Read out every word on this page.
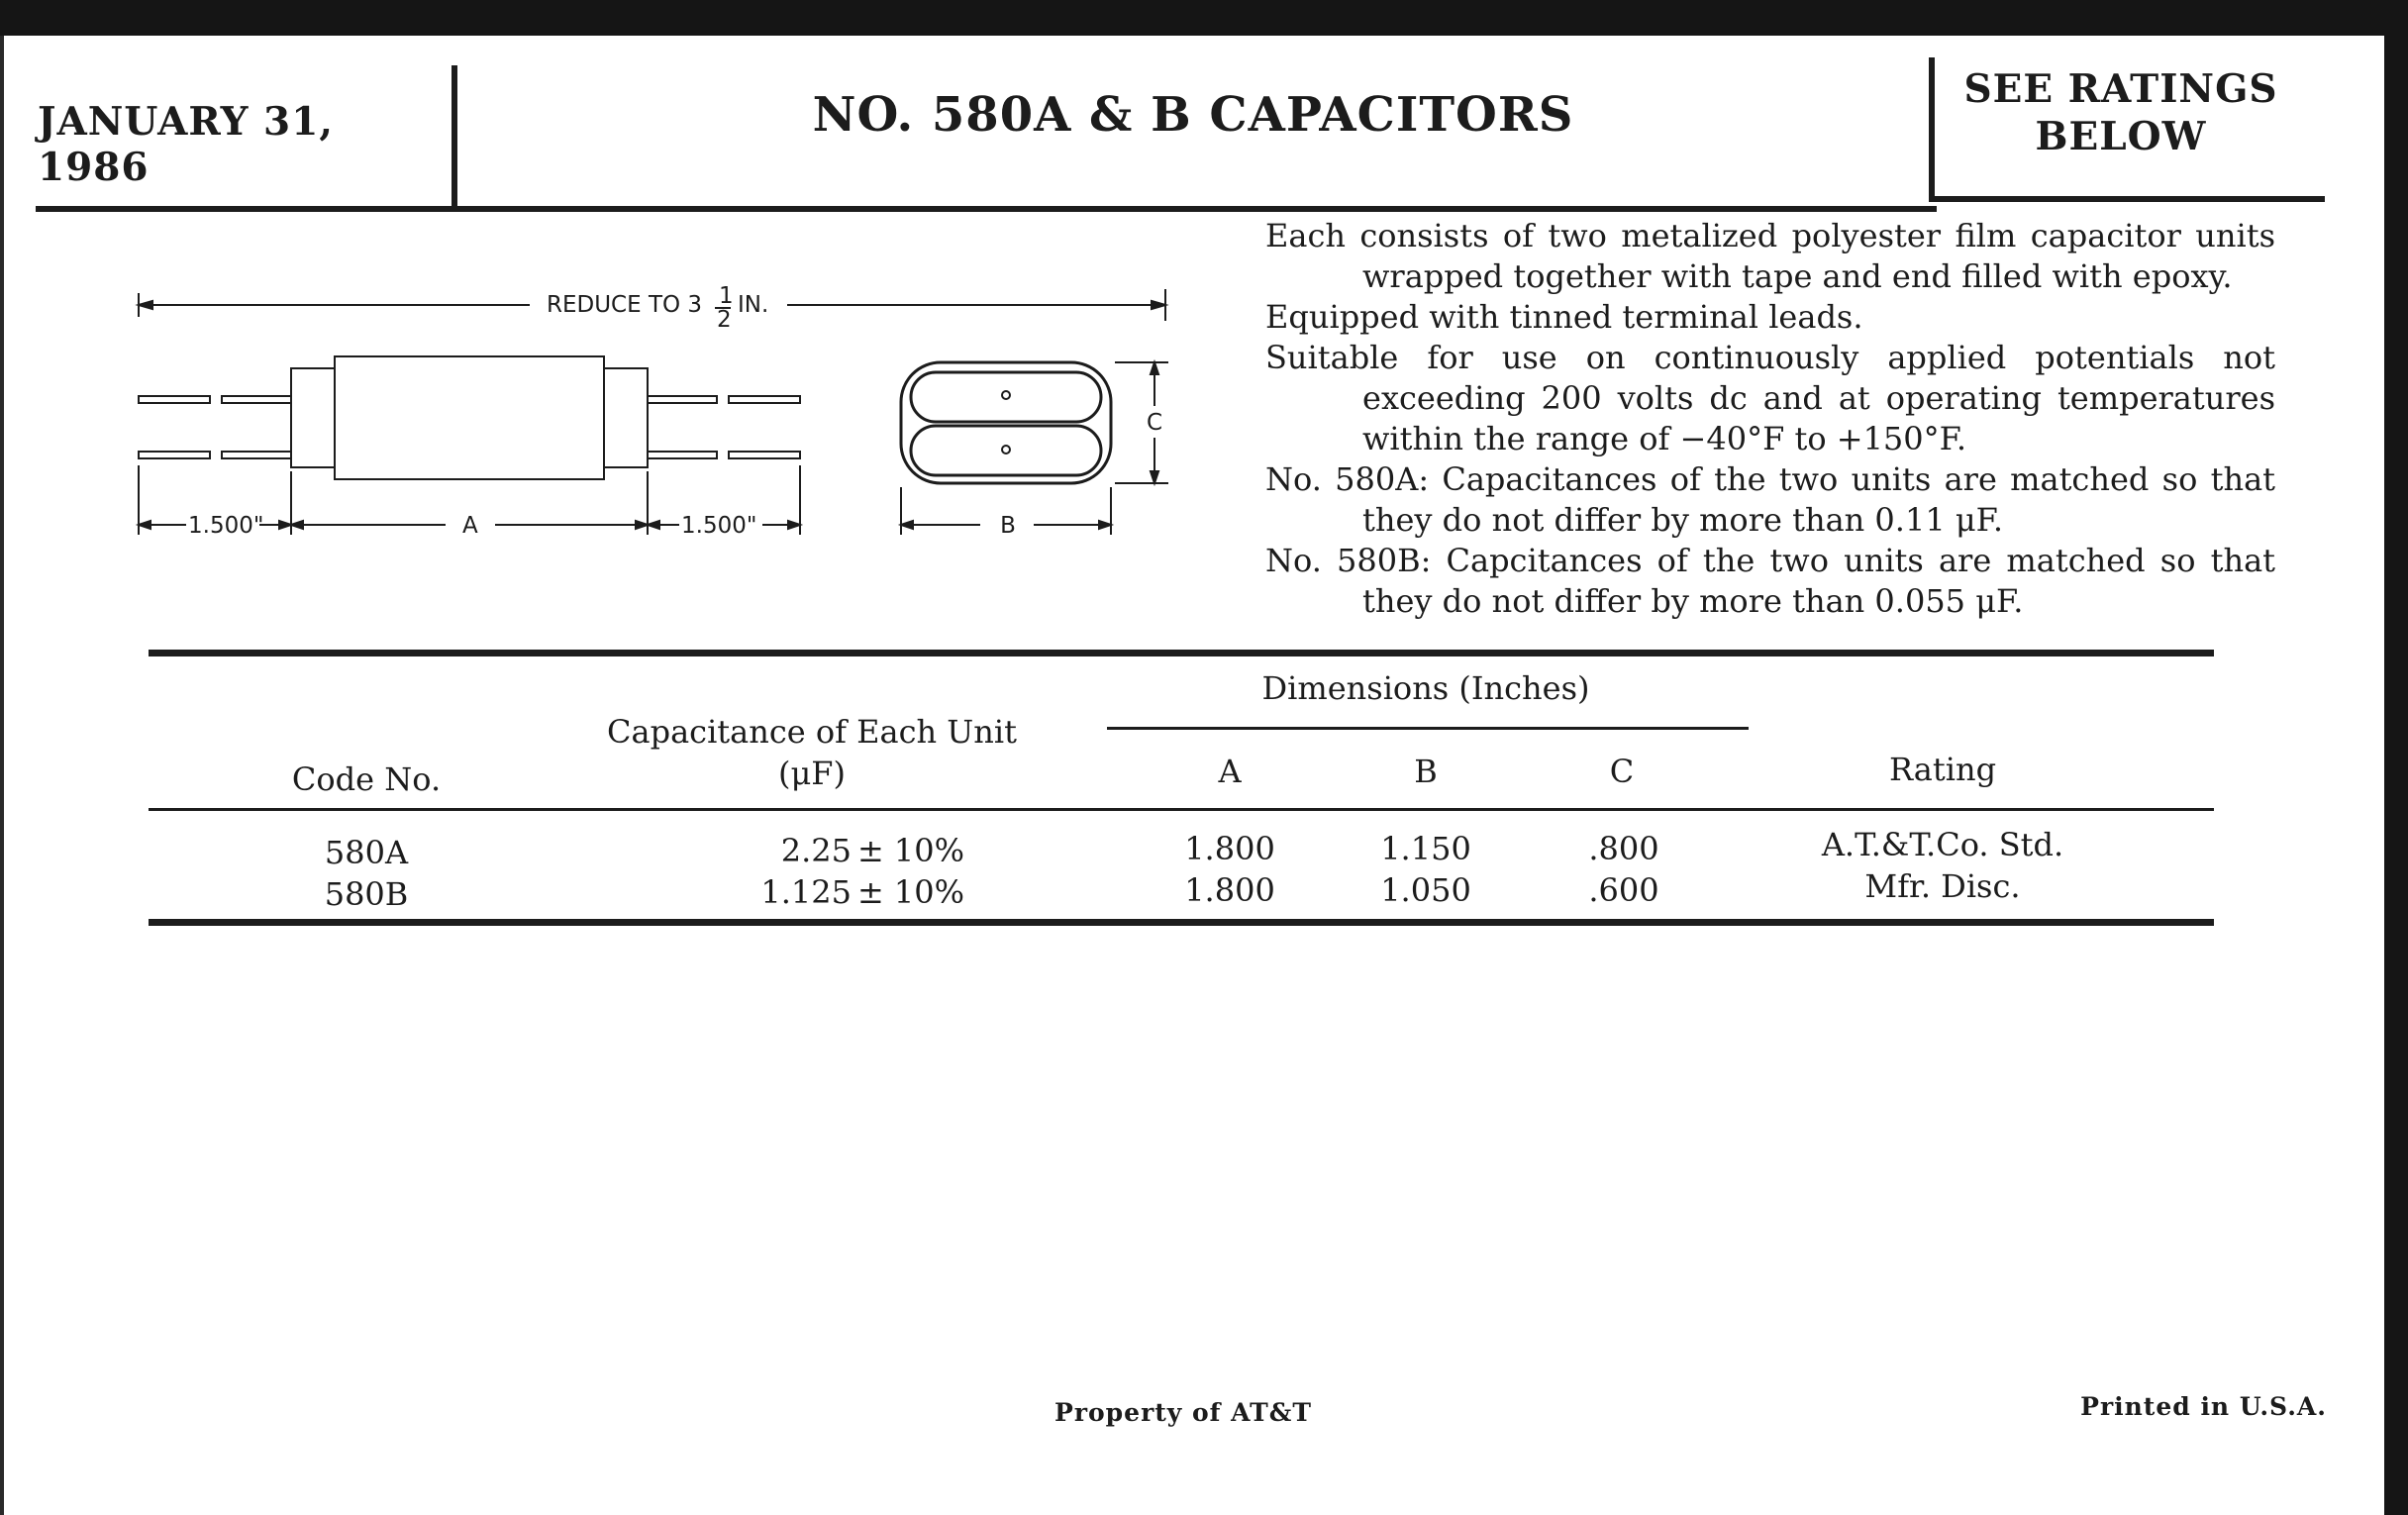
JANUARY 31, 1986
NO. 580A & B CAPACITORS	SEE RATINGS
BELOW
REDUCE TO 3 1
2
IN.
1.500"	A	1.500"	B
C
Each consists of two metalized polyester film capacitor units wrapped together with tape and end filled with epoxy.
Equipped with tinned terminal leads.
Suitable for use on continuously applied potentials not exceeding 200 volts dc and at operating temperatures within the range of −40°F to +150°F.
No. 580A: Capacitances of the two units are matched so that they do not differ by more than 0.11 μF.
No. 580B: Capcitances of the two units are matched so that they do not differ by more than 0.055 μF.
Dimensions (Inches)
Code No.
Capacitance of Each Unit
(μF)	A	B	C	Rating
580A	2.25 ± 10%	1.800	1.150	.800	A.T.&T.Co. Std.
580B	1.125 ± 10%	1.800	1.050	.600	Mfr. Disc.
Property of AT&T	Printed in U.S.A.
